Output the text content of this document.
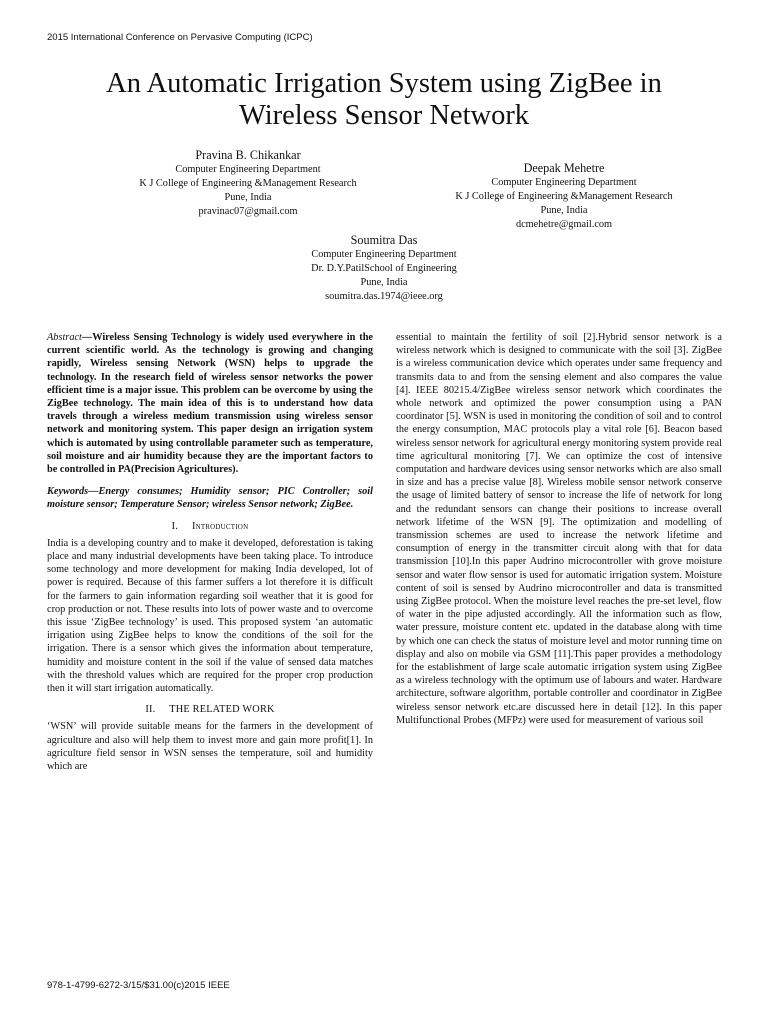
2015 International Conference on Pervasive Computing (ICPC)
An Automatic Irrigation System using ZigBee in
Wireless Sensor Network
Pravina B. Chikankar
Computer Engineering Department
K J College of Engineering &Management Research
Pune, India
pravinac07@gmail.com
Deepak Mehetre
Computer Engineering Department
K J College of Engineering &Management Research
Pune, India
dcmehetre@gmail.com
Soumitra Das
Computer Engineering Department
Dr. D.Y.PatilSchool of Engineering
Pune, India
soumitra.das.1974@ieee.org

Abstract—Wireless Sensing Technology is widely used everywhere in the current scientific world. As the technology is growing and changing rapidly, Wireless sensing Network (WSN) helps to upgrade the technology. In the research field of wireless sensor networks the power efficient time is a major issue. This problem can be overcome by using the ZigBee technology. The main idea of this is to understand how data travels through a wireless medium transmission using wireless sensor network and monitoring system. This paper design an irrigation system which is automated by using controllable parameter such as temperature, soil moisture and air humidity because they are the important factors to be controlled in PA(Precision Agricultures).

Keywords—Energy consumes; Humidity sensor; PIC Controller; soil moisture sensor; Temperature Sensor; wireless Sensor network; ZigBee.

I. Introduction

India is a developing country and to make it developed, deforestation is taking place and many industrial developments have been taking place. To introduce some technology and more development for making India developed, lot of power is required. Because of this farmer suffers a lot therefore it is difficult for the farmers to gain information regarding soil weather that it is good for crop production or not. These results into lots of power waste and to overcome this issue ‘ZigBee technology’ is used. This proposed system ‘an automatic irrigation using ZigBee helps to know the conditions of the soil for the irrigation. There is a sensor which gives the information about temperature, humidity and moisture content in the soil if the value of sensed data matches with the threshold values which are required for the proper crop production then it will start irrigation automatically.

II. THE RELATED WORK

‘WSN’ will provide suitable means for the farmers in the development of agriculture and also will help them to invest more and gain more profit[1]. In agriculture field sensor in WSN senses the temperature, soil and humidity which are

essential to maintain the fertility of soil [2].Hybrid sensor network is a wireless network which is designed to communicate with the soil [3]. ZigBee is a wireless communication device which operates under same frequency and transmits data to and from the sensing element and also compares the value [4]. IEEE 80215.4/ZigBee wireless sensor network which coordinates the whole network and optimized the power consumption using a PAN coordinator [5]. WSN is used in monitoring the condition of soil and to control the energy consumption, MAC protocols play a vital role [6]. Beacon based wireless sensor network for agricultural energy monitoring system provide real time agricultural monitoring [7]. We can optimize the cost of intensive computation and hardware devices using sensor networks which are also small in size and has a precise value [8]. Wireless mobile sensor network conserve the usage of limited battery of sensor to increase the life of network for long and the redundant sensors can change their positions to increase overall network lifetime of the WSN [9]. The optimization and modelling of transmission schemes are used to increase the network lifetime and consumption of energy in the transmitter circuit along with that for data transmission [10].In this paper Audrino microcontroller with grove moisture sensor and water flow sensor is used for automatic irrigation system. Moisture content of soil is sensed by Audrino microcontroller and data is transmitted using ZigBee protocol. When the moisture level reaches the pre-set level, flow of water in the pipe adjusted accordingly. All the information such as flow, water pressure, moisture content etc. updated in the database along with time by which one can check the status of moisture level and motor running time on display and also on mobile via GSM [11].This paper provides a methodology for the establishment of large scale automatic irrigation system using ZigBee as a wireless technology with the optimum use of labours and water. Hardware architecture, software algorithm, portable controller and coordinator in ZigBee wireless sensor network etc.are discussed here in detail [12]. In this paper Multifunctional Probes (MFPz) were used for measurement of various soil

978-1-4799-6272-3/15/$31.00(c)2015 IEEE
